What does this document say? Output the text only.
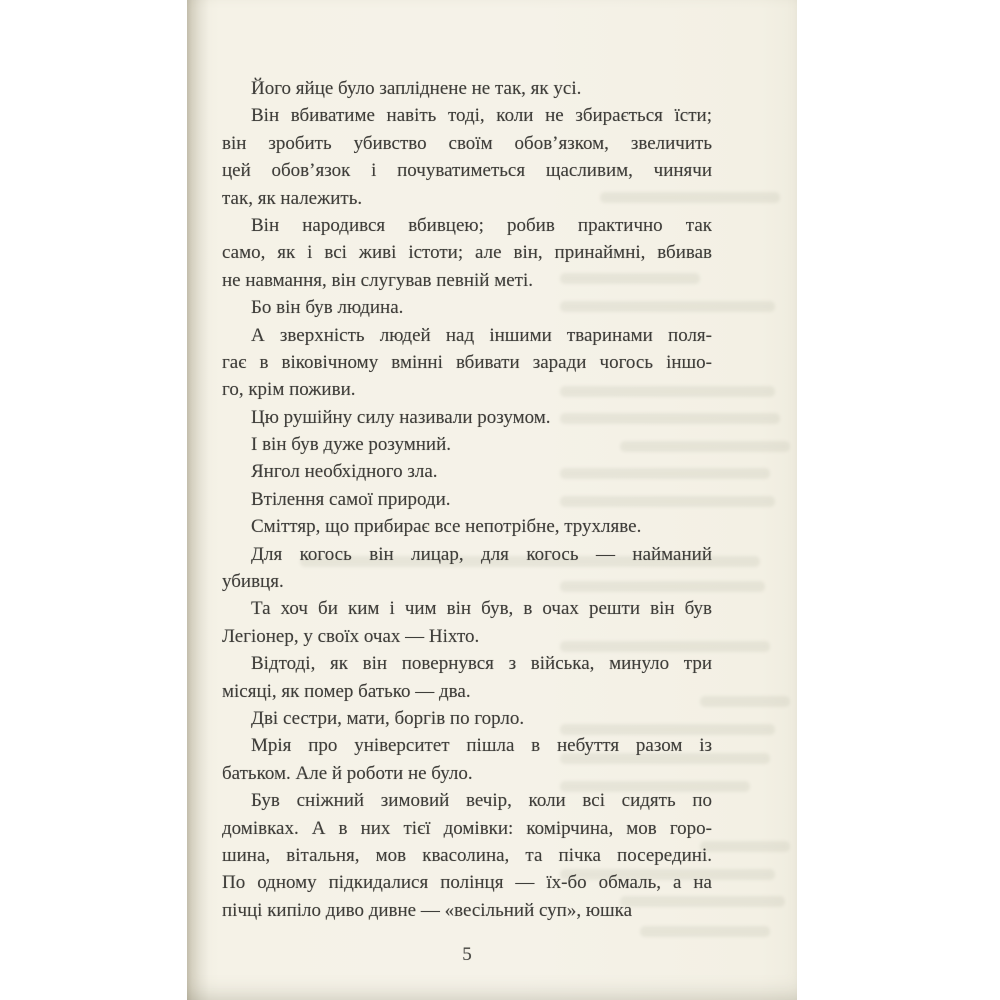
Його яйце було запліднене не так, як усі.
Він вбиватиме навіть тоді, коли не збирається їсти;
він зробить убивство своїм обов’язком, звеличить
цей обов’язок і почуватиметься щасливим, чинячи
так, як належить.
Він народився вбивцею; робив практично так
само, як і всі живі істоти; але він, принаймні, вбивав
не навмання, він слугував певній меті.
Бо він був людина.
А зверхність людей над іншими тваринами поля-
гає в віковічному вмінні вбивати заради чогось іншо-
го, крім поживи.
Цю рушійну силу називали розумом.
І він був дуже розумний.
Янгол необхідного зла.
Втілення самої природи.
Сміттяр, що прибирає все непотрібне, трухляве.
Для когось він лицар, для когось — найманий
убивця.
Та хоч би ким і чим він був, в очах решти він був
Легіонер, у своїх очах — Ніхто.
Відтоді, як він повернувся з війська, минуло три
місяці, як помер батько — два.
Дві сестри, мати, боргів по горло.
Мрія про університет пішла в небуття разом із
батьком. Але й роботи не було.
Був сніжний зимовий вечір, коли всі сидять по
домівках. А в них тієї домівки: комірчина, мов горо-
шина, вітальня, мов квасолина, та пічка посередині.
По одному підкидалися полінця — їх-бо обмаль, а на
пічці кипіло диво дивне — «весільний суп», юшка
5
